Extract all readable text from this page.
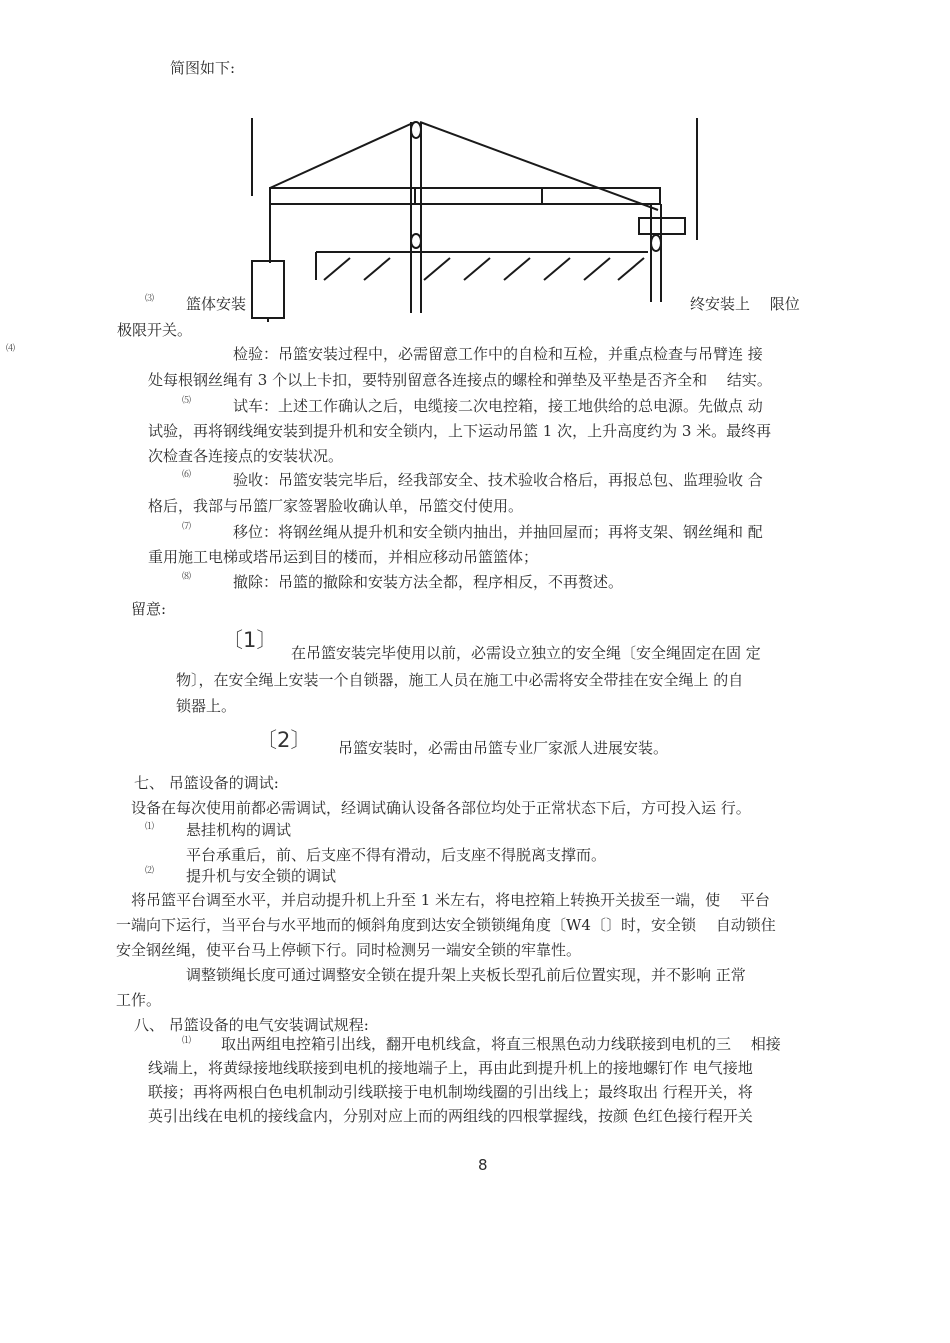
简图如下:
⑶ 篮体安装	终安装上　 限位
极限开关。
⑷	检验：吊篮安装过程中，必需留意工作中的自检和互检，并重点检查与吊臂连 接
处每根钢丝绳有 3 个以上卡扣，要特别留意各连接点的螺栓和弹垫及平垫是否齐全和　 结实。
⑸	试车：上述工作确认之后，电缆接二次电控箱，接工地供给的总电源。先做点 动
试验，再将钢线绳安装到提升机和安全锁内，上下运动吊篮 1 次，上升高度约为 3 米。最终再
次检查各连接点的安装状况。
⑹	验收：吊篮安装完毕后，经我部安全、技术验收合格后，再报总包、监理验收 合
格后，我部与吊篮厂家签署脸收确认单，吊篮交付使用。
⑺	移位：将钢丝绳从提升机和安全锁内抽出，并抽回屋而；再将支架、钢丝绳和 配
重用施工电梯或塔吊运到目的楼而，并相应移动吊篮篮体；
⑻	撤除：吊篮的撤除和安装方法全都，程序相反，不再赘述。
留意:
〔1〕
在吊篮安装完毕使用以前，必需设立独立的安全绳〔安全绳固定在固 定
物〕，在安全绳上安装一个自锁器，施工人员在施工中必需将安全带挂在安全绳上 的自
锁器上。
〔2〕 吊篮安装时，必需由吊篮专业厂家派人进展安装。
七、 吊篮设备的调试:
设备在每次使用前都必需调试，经调试确认设备各部位均处于正常状态下后，方可投入运 行。
⑴ 悬挂机构的调试
平台承重后，前、后支座不得有滑动，后支座不得脱离支撑而。
⑵ 提升机与安全锁的调试
将吊篮平台调至水平，并启动提升机上升至 1 米左右，将电控箱上转换开关拔至一端，使　 平台
一端向下运行，当平台与水平地而的倾斜角度到达安全锁锁绳角度〔W4〔〕时，安全锁　 自动锁住
安全钢丝绳，使平台马上停顿下行。同时检测另一端安全锁的牢靠性。
调整锁绳长度可通过调整安全锁在提升架上夹板长型孔前后位置实现，并不影响 正常
工作。
八、 吊篮设备的电气安装调试规程:
⑴ 取出两组电控箱引出线，翻开电机线盒，将直三根黑色动力线联接到电机的三　 相接
线端上，将黄绿接地线联接到电机的接地端子上，再由此到提升机上的接地螺钉作 电气接地
联接；再将两根白色电机制动引线联接于电机制坳线圈的引出线上；最终取出 行程开关，将
英引出线在电机的接线盒内，分别对应上而的两组线的四根掌握线，按颜 色红色接行程开关
8
